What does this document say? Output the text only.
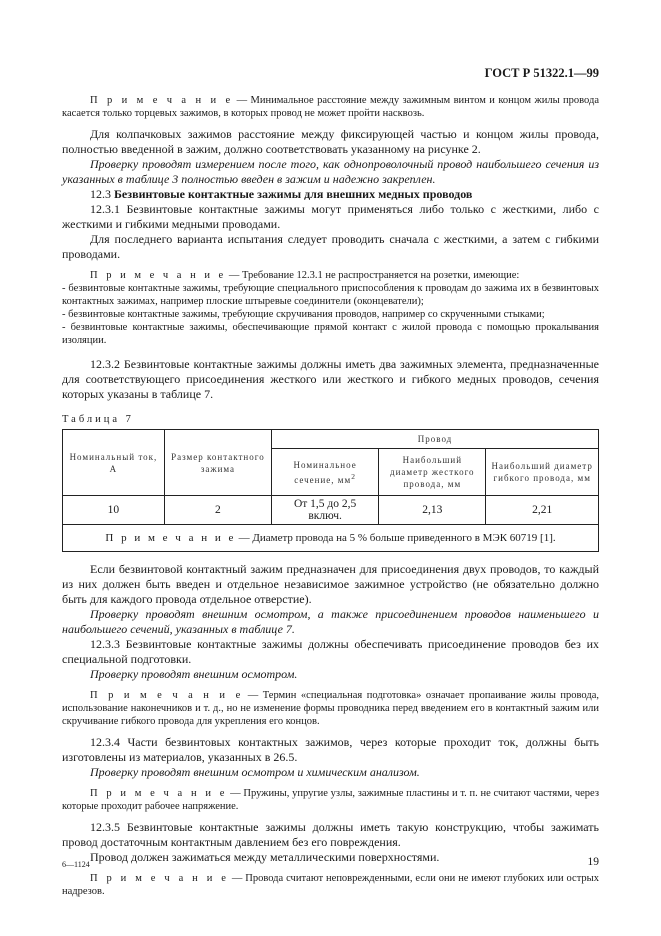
ГОСТ Р 51322.1—99

П р и м е ч а н и е — Минимальное расстояние между зажимным винтом и концом жилы провода касается только торцевых зажимов, в которых провод не может пройти насквозь.

Для колпачковых зажимов расстояние между фиксирующей частью и концом жилы провода, полностью введенной в зажим, должно соответствовать указанному на рисунке 2.

Проверку проводят измерением после того, как однопроволочный провод наибольшего сечения из указанных в таблице 3 полностью введен в зажим и надежно закреплен.

12.3 Безвинтовые контактные зажимы для внешних медных проводов

12.3.1 Безвинтовые контактные зажимы могут применяться либо только с жесткими, либо с жесткими и гибкими медными проводами.

Для последнего варианта испытания следует проводить сначала с жесткими, а затем с гибкими проводами.

П р и м е ч а н и е — Требование 12.3.1 не распространяется на розетки, имеющие:

- безвинтовые контактные зажимы, требующие специального приспособления к проводам до зажима их в безвинтовых контактных зажимах, например плоские штыревые соединители (оконцеватели);

- безвинтовые контактные зажимы, требующие скручивания проводов, например со скрученными стыками;

- безвинтовые контактные зажимы, обеспечивающие прямой контакт с жилой провода с помощью прокалывания изоляции.

12.3.2 Безвинтовые контактные зажимы должны иметь два зажимных элемента, предназначенные для соответствующего присоединения жесткого или жесткого и гибкого медных проводов, сечения которых указаны в таблице 7.

Таблица 7
Номинальный ток, А	Размер контактного зажима	Провод		
		Номинальное сечение, $мм^2$	Наибольший диаметр жесткого провода, мм	Наибольший диаметр гибкого провода, мм
10	2	От 1,5 до 2,5 включ.	2,13	2,21
П р и м е ч а н и е — Диаметр провода на 5 % больше приведенного в МЭК 60719 [1].				

Если безвинтовой контактный зажим предназначен для присоединения двух проводов, то каждый из них должен быть введен и отдельное независимое зажимное устройство (не обязательно должно быть для каждого провода отдельное отверстие).

Проверку проводят внешним осмотром, а также присоединением проводов наименьшего и наибольшего сечений, указанных в таблице 7.

12.3.3 Безвинтовые контактные зажимы должны обеспечивать присоединение проводов без их специальной подготовки.

Проверку проводят внешним осмотром.

П р и м е ч а н и е — Термин «специальная подготовка» означает пропаивание жилы провода, использование наконечников и т. д., но не изменение формы проводника перед введением его в контактный зажим или скручивание гибкого провода для укрепления его концов.

12.3.4 Части безвинтовых контактных зажимов, через которые проходит ток, должны быть изготовлены из материалов, указанных в 26.5.

Проверку проводят внешним осмотром и химическим анализом.

П р и м е ч а н и е — Пружины, упругие узлы, зажимные пластины и т. п. не считают частями, через которые проходит рабочее напряжение.

12.3.5 Безвинтовые контактные зажимы должны иметь такую конструкцию, чтобы зажимать провод достаточным контактным давлением без его повреждения.

Провод должен зажиматься между металлическими поверхностями.

П р и м е ч а н и е — Провода считают неповрежденными, если они не имеют глубоких или острых надрезов.

6—1124	19
